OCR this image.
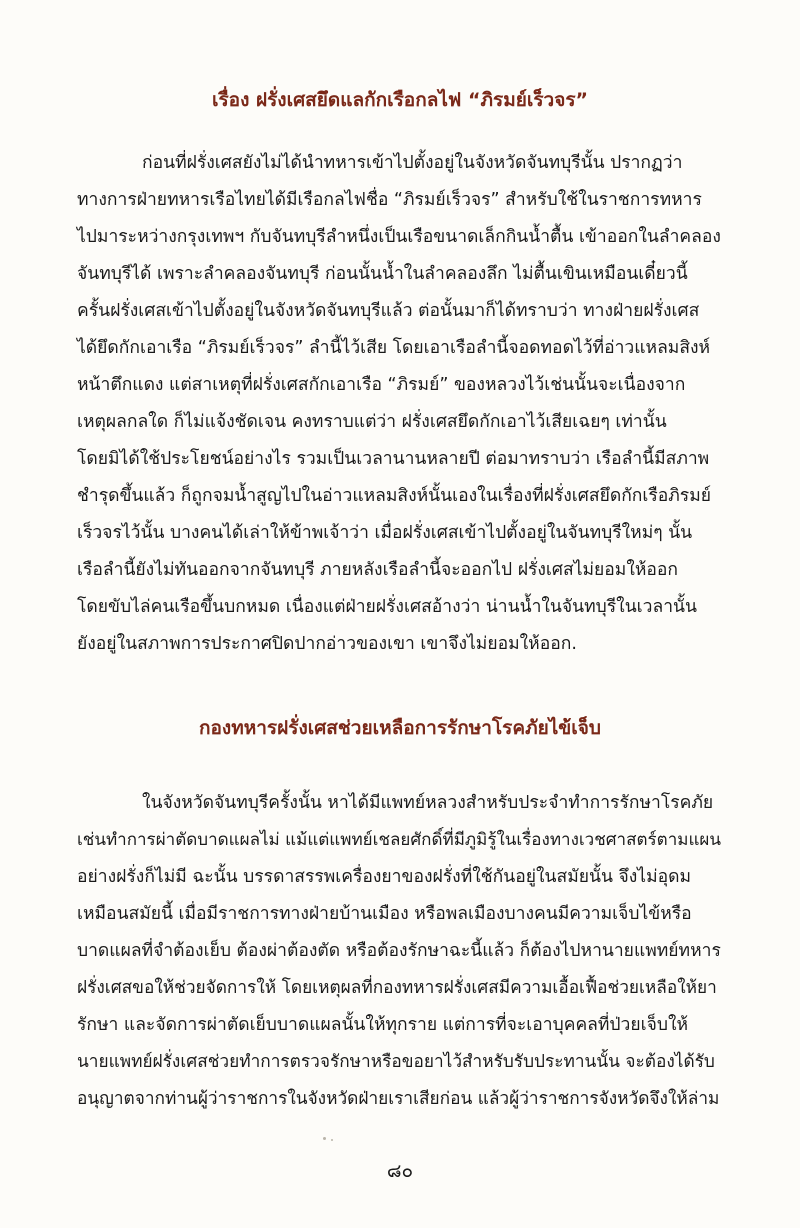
เรื่อง ฝรั่งเศสยึดแลกักเรือกลไฟ “ภิรมย์เร็วจร”
ก่อนที่ฝรั่งเศสยังไม่ได้นำทหารเข้าไปตั้งอยู่ในจังหวัดจันทบุรีนั้น ปรากฏว่า
ทางการฝ่ายทหารเรือไทยได้มีเรือกลไฟชื่อ “ภิรมย์เร็วจร” สำหรับใช้ในราชการทหาร
ไปมาระหว่างกรุงเทพฯ กับจันทบุรีลำหนึ่งเป็นเรือขนาดเล็กกินน้ำตื้น เข้าออกในลำคลอง
จันทบุรีได้ เพราะลำคลองจันทบุรี ก่อนนั้นน้ำในลำคลองลึก ไม่ตื้นเขินเหมือนเดี๋ยวนี้
ครั้นฝรั่งเศสเข้าไปตั้งอยู่ในจังหวัดจันทบุรีแล้ว ต่อนั้นมาก็ได้ทราบว่า ทางฝ่ายฝรั่งเศส
ได้ยึดกักเอาเรือ “ภิรมย์เร็วจร” ลำนี้ไว้เสีย โดยเอาเรือลำนี้จอดทอดไว้ที่อ่าวแหลมสิงห์
หน้าตึกแดง แต่สาเหตุที่ฝรั่งเศสกักเอาเรือ “ภิรมย์” ของหลวงไว้เช่นนั้นจะเนื่องจาก
เหตุผลกลใด ก็ไม่แจ้งชัดเจน คงทราบแต่ว่า ฝรั่งเศสยึดกักเอาไว้เสียเฉยๆ เท่านั้น
โดยมิได้ใช้ประโยชน์อย่างไร รวมเป็นเวลานานหลายปี ต่อมาทราบว่า เรือลำนี้มีสภาพ
ชำรุดขึ้นแล้ว ก็ถูกจมน้ำสูญไปในอ่าวแหลมสิงห์นั้นเองในเรื่องที่ฝรั่งเศสยึดกักเรือภิรมย์
เร็วจรไว้นั้น บางคนได้เล่าให้ข้าพเจ้าว่า เมื่อฝรั่งเศสเข้าไปตั้งอยู่ในจันทบุรีใหม่ๆ นั้น
เรือลำนี้ยังไม่ทันออกจากจันทบุรี ภายหลังเรือลำนี้จะออกไป ฝรั่งเศสไม่ยอมให้ออก
โดยขับไล่คนเรือขึ้นบกหมด เนื่องแต่ฝ่ายฝรั่งเศสอ้างว่า น่านน้ำในจันทบุรีในเวลานั้น
ยังอยู่ในสภาพการประกาศปิดปากอ่าวของเขา เขาจึงไม่ยอมให้ออก.
กองทหารฝรั่งเศสช่วยเหลือการรักษาโรคภัยไข้เจ็บ
ในจังหวัดจันทบุรีครั้งนั้น หาได้มีแพทย์หลวงสำหรับประจำทำการรักษาโรคภัย
เช่นทำการผ่าตัดบาดแผลไม่ แม้แต่แพทย์เชลยศักดิ์ที่มีภูมิรู้ในเรื่องทางเวชศาสตร์ตามแผน
อย่างฝรั่งก็ไม่มี ฉะนั้น บรรดาสรรพเครื่องยาของฝรั่งที่ใช้กันอยู่ในสมัยนั้น จึงไม่อุดม
เหมือนสมัยนี้ เมื่อมีราชการทางฝ่ายบ้านเมือง หรือพลเมืองบางคนมีความเจ็บไข้หรือ
บาดแผลที่จำต้องเย็บ ต้องผ่าต้องตัด หรือต้องรักษาฉะนี้แล้ว ก็ต้องไปหานายแพทย์ทหาร
ฝรั่งเศสขอให้ช่วยจัดการให้ โดยเหตุผลที่กองทหารฝรั่งเศสมีความเอื้อเฟื้อช่วยเหลือให้ยา
รักษา และจัดการผ่าตัดเย็บบาดแผลนั้นให้ทุกราย แต่การที่จะเอาบุคคลที่ป่วยเจ็บให้
นายแพทย์ฝรั่งเศสช่วยทำการตรวจรักษาหรือขอยาไว้สำหรับรับประทานนั้น จะต้องได้รับ
อนุญาตจากท่านผู้ว่าราชการในจังหวัดฝ่ายเราเสียก่อน แล้วผู้ว่าราชการจังหวัดจึงให้ล่าม
๘๐
